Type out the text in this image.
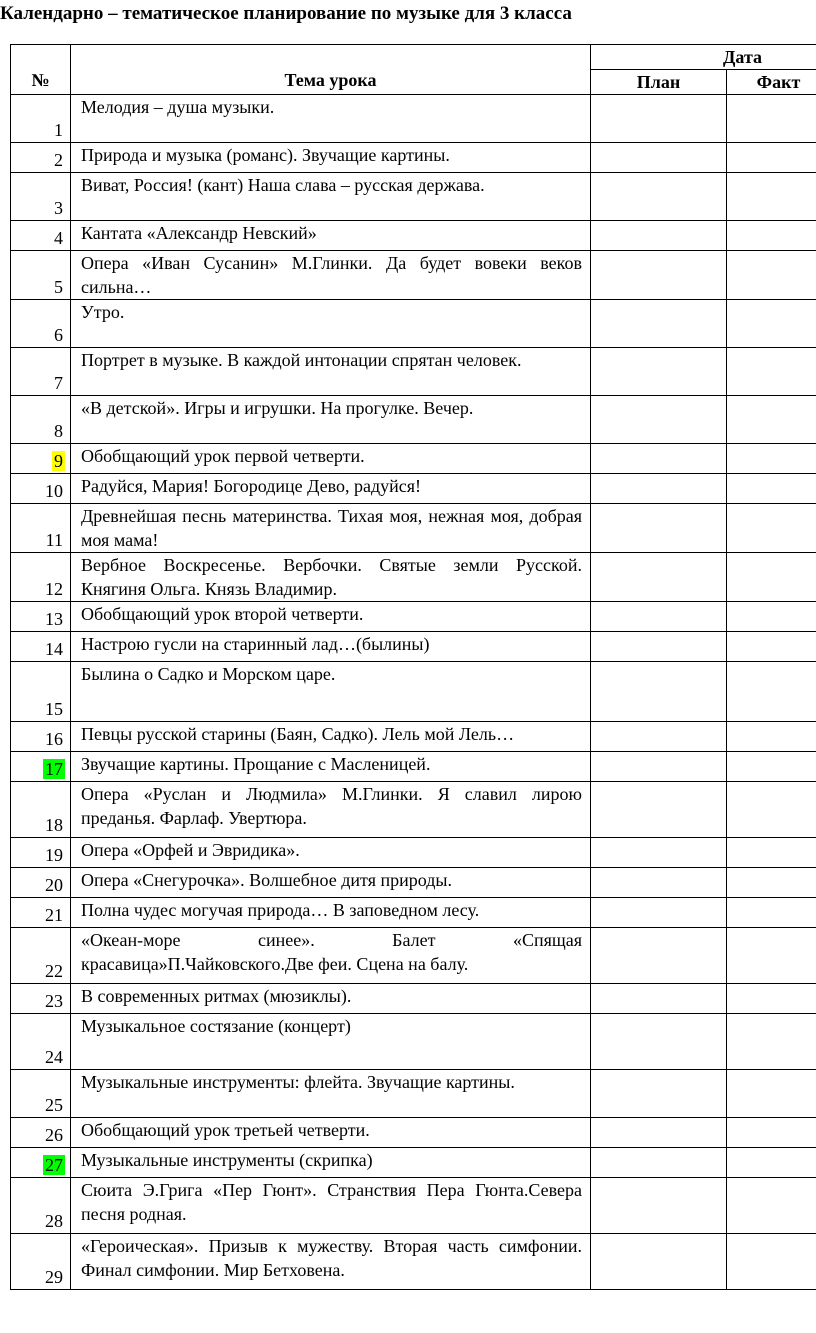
Календарно – тематическое планирование по музыке для 3 класса
№	Тема урока	Дата	
		План	Факт
1	Мелодия – душа музыки.		
2	Природа и музыка (романс). Звучащие картины.		
3	Виват, Россия! (кант) Наша слава – русская держава.		
4	Кантата «Александр Невский»		
5	Опера «Иван Сусанин» М.Глинки. Да будет вовеки веков сильна…		
6	Утро.		
7	Портрет в музыке. В каждой интонации спрятан человек.		
8	«В детской». Игры и игрушки. На прогулке. Вечер.		
9	Обобщающий урок первой четверти.		
10	Радуйся, Мария! Богородице Дево, радуйся!		
11	Древнейшая песнь материнства. Тихая моя, нежная моя, добрая моя мама!		
12	Вербное Воскресенье. Вербочки. Святые земли Русской. Княгиня Ольга. Князь Владимир.		
13	Обобщающий урок второй четверти.		
14	Настрою гусли на старинный лад…(былины)		
15	Былина о Садко и Морском царе.		
16	Певцы русской старины (Баян, Садко). Лель мой Лель…		
17	Звучащие картины. Прощание с Масленицей.		
18	Опера «Руслан и Людмила» М.Глинки. Я славил лирою преданья. Фарлаф. Увертюра.		
19	Опера «Орфей и Эвридика».		
20	Опера «Снегурочка». Волшебное дитя природы.		
21	Полна чудес могучая природа… В заповедном лесу.		
22	«Океан-море синее». Балет «Спящая красавица»П.Чайковского.Две феи. Сцена на балу.		
23	В современных ритмах (мюзиклы).		
24	Музыкальное состязание (концерт)		
25	Музыкальные инструменты: флейта. Звучащие картины.		
26	Обобщающий урок третьей четверти.		
27	Музыкальные инструменты (скрипка)		
28	Сюита Э.Грига «Пер Гюнт». Странствия Пера Гюнта.Севера песня родная.		
29	«Героическая». Призыв к мужеству. Вторая часть симфонии. Финал симфонии. Мир Бетховена.		
